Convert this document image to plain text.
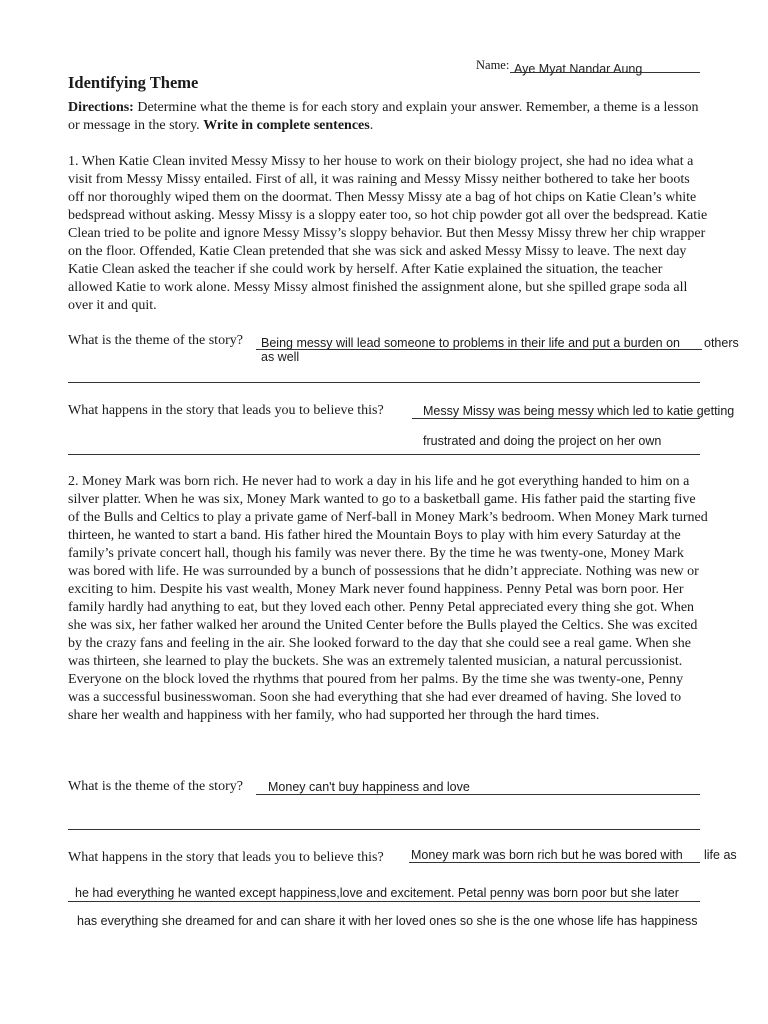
Name: Aye Myat Nandar Aung
Identifying Theme

Directions: Determine what the theme is for each story and explain your answer. Remember, a theme is a lesson or message in the story. Write in complete sentences.

1. When Katie Clean invited Messy Missy to her house to work on their biology project, she had no idea what a visit from Messy Missy entailed. First of all, it was raining and Messy Missy neither bothered to take her boots off nor thoroughly wiped them on the doormat. Then Messy Missy ate a bag of hot chips on Katie Clean’s white bedspread without asking. Messy Missy is a sloppy eater too, so hot chip powder got all over the bedspread. Katie Clean tried to be polite and ignore Messy Missy’s sloppy behavior. But then Messy Missy threw her chip wrapper on the floor. Offended, Katie Clean pretended that she was sick and asked Messy Missy to leave. The next day Katie Clean asked the teacher if she could work by herself. After Katie explained the situation, the teacher allowed Katie to work alone. Messy Missy almost finished the assignment alone, but she spilled grape soda all over it and quit.

What is the theme of the story? Being messy will lead someone to problems in their life and put a burden on others
as well
What happens in the story that leads you to believe this?	Messy Missy was being messy which led to katie getting
frustrated and doing the project on her own

2. Money Mark was born rich. He never had to work a day in his life and he got everything handed to him on a silver platter. When he was six, Money Mark wanted to go to a basketball game. His father paid the starting five of the Bulls and Celtics to play a private game of Nerf-ball in Money Mark’s bedroom. When Money Mark turned thirteen, he wanted to start a band. His father hired the Mountain Boys to play with him every Saturday at the family’s private concert hall, though his family was never there. By the time he was twenty-one, Money Mark was bored with life. He was surrounded by a bunch of possessions that he didn’t appreciate. Nothing was new or exciting to him. Despite his vast wealth, Money Mark never found happiness. Penny Petal was born poor. Her family hardly had anything to eat, but they loved each other. Penny Petal appreciated every thing she got. When she was six, her father walked her around the United Center before the Bulls played the Celtics. She was excited by the crazy fans and feeling in the air. She looked forward to the day that she could see a real game. When she was thirteen, she learned to play the buckets. She was an extremely talented musician, a natural percussionist. Everyone on the block loved the rhythms that poured from her palms. By the time she was twenty-one, Penny was a successful businesswoman. Soon she had everything that she had ever dreamed of having. She loved to share her wealth and happiness with her family, who had supported her through the hard times.

What is the theme of the story? Money can't buy happiness and love
What happens in the story that leads you to believe this? Money mark was born rich but he was bored with life as
he had everything he wanted except happiness,love and excitement. Petal penny was born poor but she later
has everything she dreamed for and can share it with her loved ones so she is the one whose life has happiness
